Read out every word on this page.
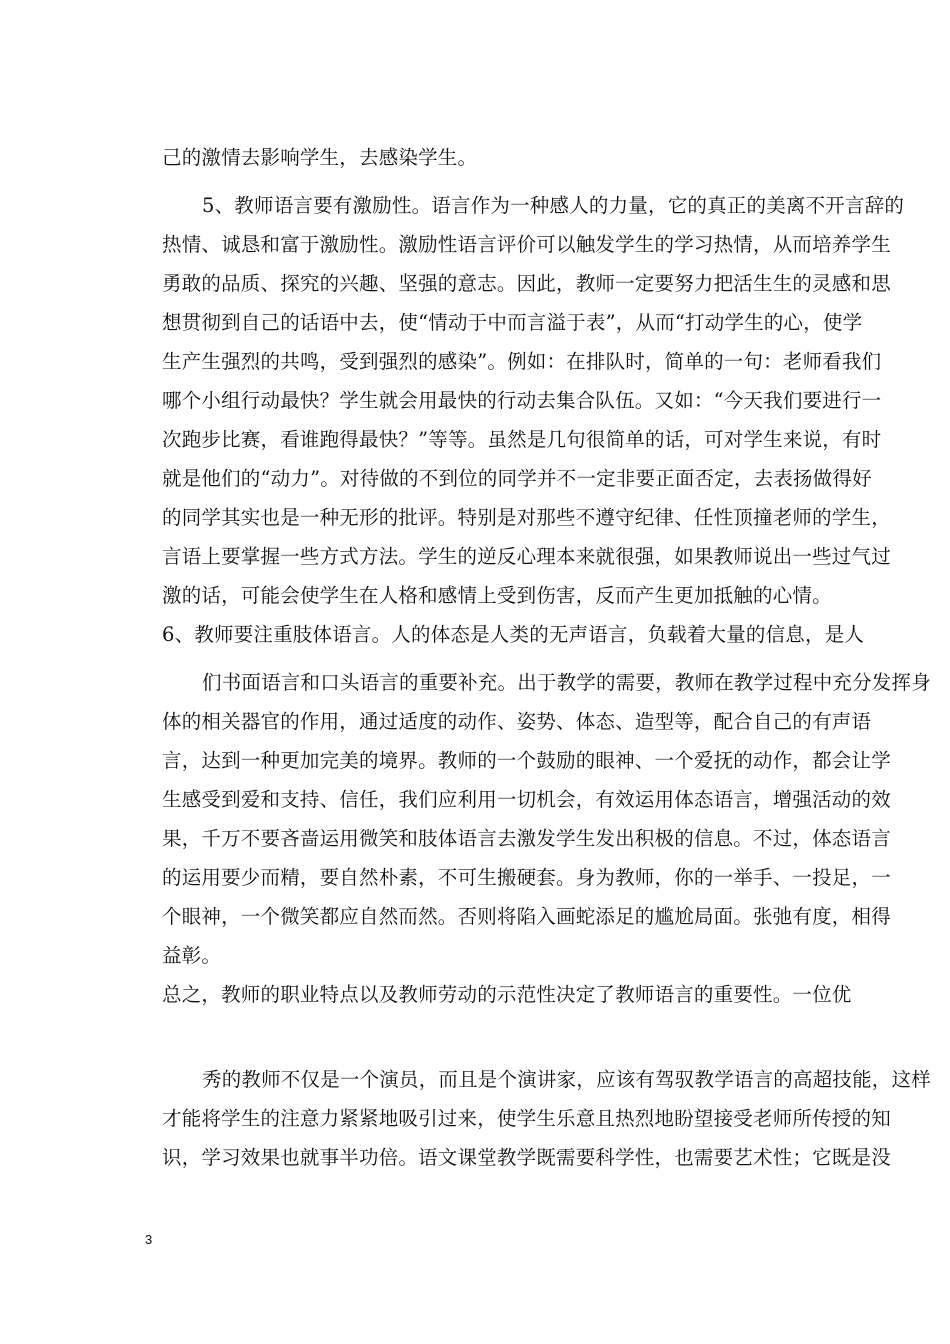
己的激情去影响学生，去感染学生。
5、教师语言要有激励性。语言作为一种感人的力量，它的真正的美离不开言辞的
热情、诚恳和富于激励性。激励性语言评价可以触发学生的学习热情，从而培养学生
勇敢的品质、探究的兴趣、坚强的意志。因此，教师一定要努力把活生生的灵感和思
想贯彻到自己的话语中去，使“情动于中而言溢于表”，从而“打动学生的心，使学
生产生强烈的共鸣，受到强烈的感染”。例如：在排队时，简单的一句：老师看我们
哪个小组行动最快？学生就会用最快的行动去集合队伍。又如：“今天我们要进行一
次跑步比赛，看谁跑得最快？”等等。虽然是几句很简单的话，可对学生来说，有时
就是他们的“动力”。对待做的不到位的同学并不一定非要正面否定，去表扬做得好
的同学其实也是一种无形的批评。特别是对那些不遵守纪律、任性顶撞老师的学生，
言语上要掌握一些方式方法。学生的逆反心理本来就很强，如果教师说出一些过气过
激的话，可能会使学生在人格和感情上受到伤害，反而产生更加抵触的心情。
6、教师要注重肢体语言。人的体态是人类的无声语言，负载着大量的信息，是人
们书面语言和口头语言的重要补充。出于教学的需要，教师在教学过程中充分发挥身
体的相关器官的作用，通过适度的动作、姿势、体态、造型等，配合自己的有声语
言，达到一种更加完美的境界。教师的一个鼓励的眼神、一个爱抚的动作，都会让学
生感受到爱和支持、信任，我们应利用一切机会，有效运用体态语言，增强活动的效
果，千万不要吝啬运用微笑和肢体语言去激发学生发出积极的信息。不过，体态语言
的运用要少而精，要自然朴素，不可生搬硬套。身为教师，你的一举手、一投足，一
个眼神，一个微笑都应自然而然。否则将陷入画蛇添足的尴尬局面。张弛有度，相得
益彰。
总之，教师的职业特点以及教师劳动的示范性决定了教师语言的重要性。一位优
秀的教师不仅是一个演员，而且是个演讲家，应该有驾驭教学语言的高超技能，这样
才能将学生的注意力紧紧地吸引过来，使学生乐意且热烈地盼望接受老师所传授的知
识，学习效果也就事半功倍。语文课堂教学既需要科学性，也需要艺术性；它既是没
3
